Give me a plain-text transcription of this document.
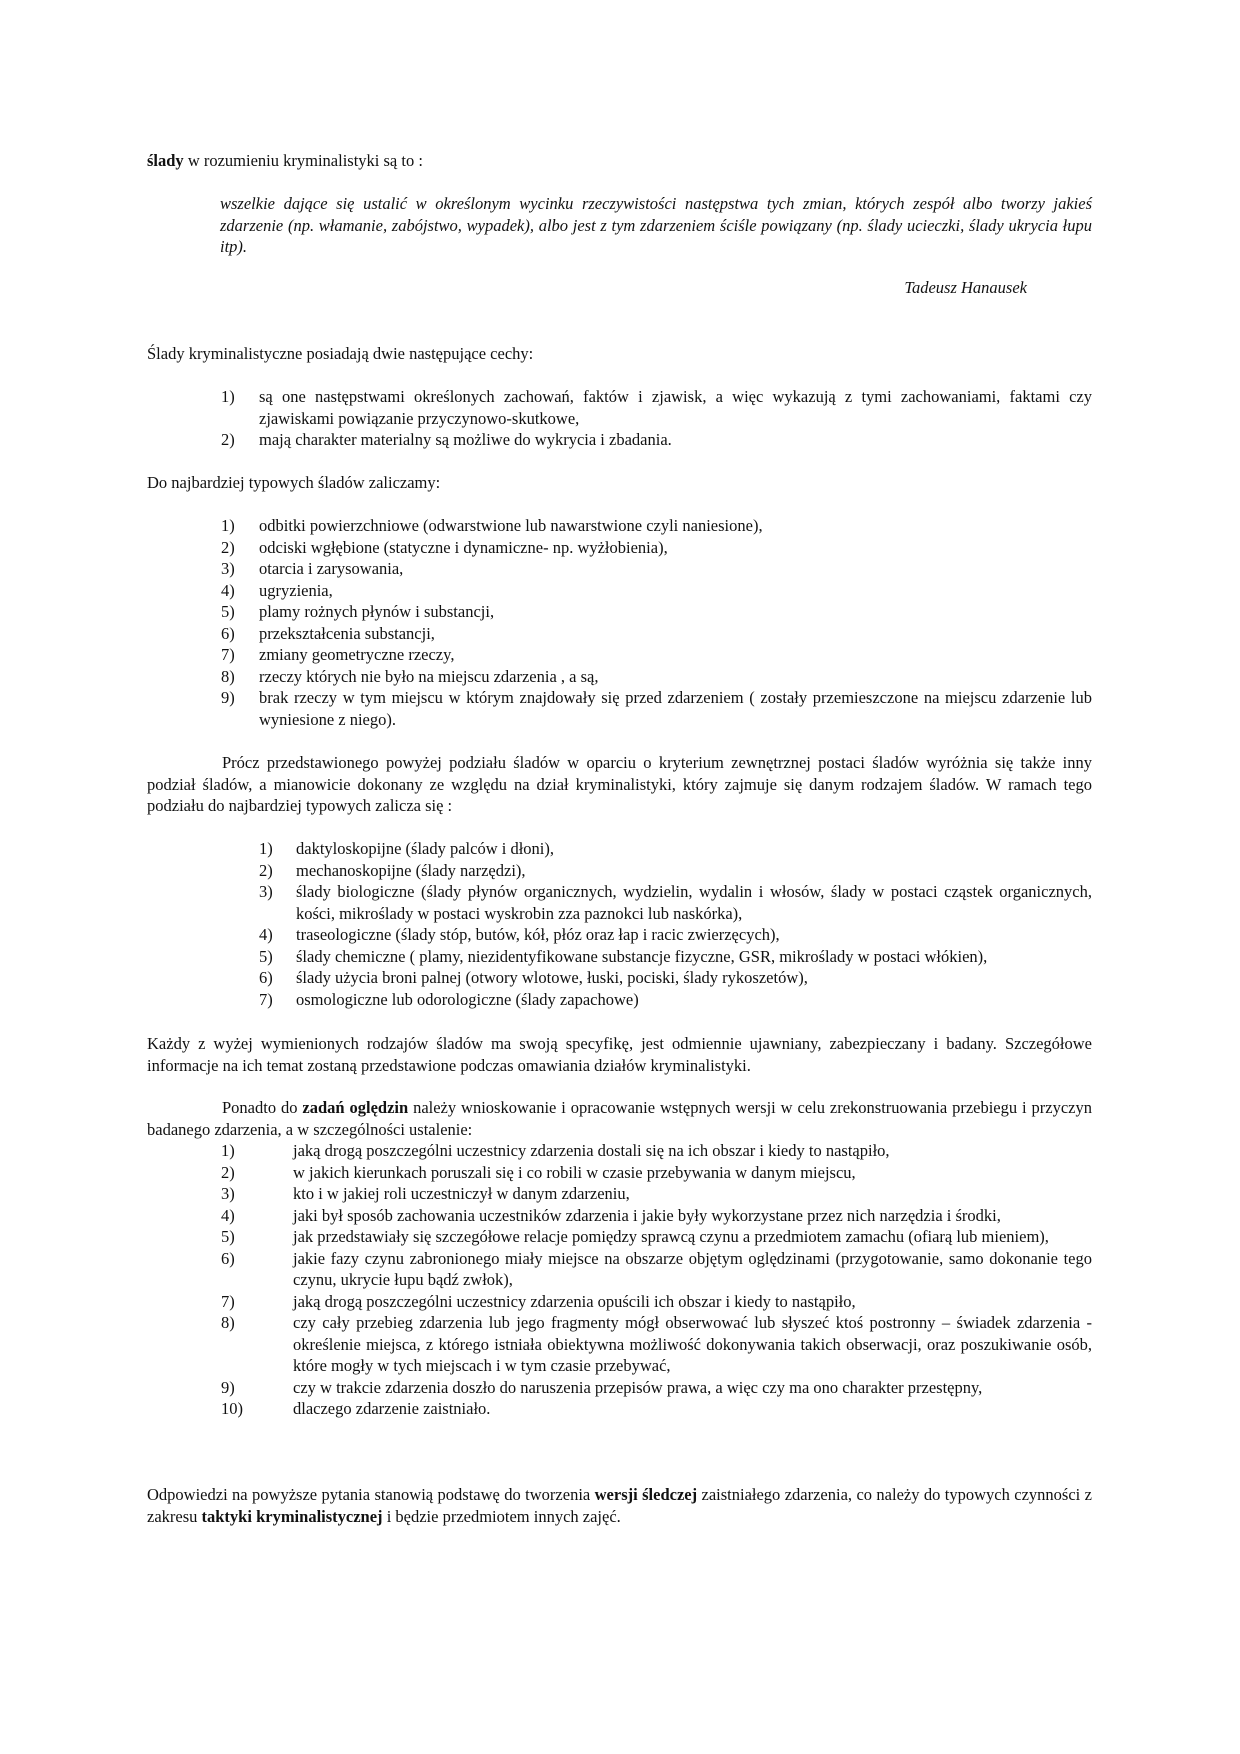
ślady w rozumieniu kryminalistyki są to :

wszelkie dające się ustalić w określonym wycinku rzeczywistości następstwa tych zmian, których zespół albo tworzy jakieś zdarzenie (np. włamanie, zabójstwo, wypadek), albo jest z tym zdarzeniem ściśle powiązany (np. ślady ucieczki, ślady ukrycia łupu itp).

Tadeusz Hanausek

Ślady kryminalistyczne posiadają dwie następujące cechy:

1)	są one następstwami określonych zachowań, faktów i zjawisk, a więc wykazują z tymi zachowaniami, faktami czy zjawiskami powiązanie przyczynowo-skutkowe,
2)	mają charakter materialny są możliwe do wykrycia i zbadania.

Do najbardziej typowych śladów zaliczamy:

1)	odbitki powierzchniowe (odwarstwione lub nawarstwione czyli naniesione),
2)	odciski wgłębione (statyczne i dynamiczne- np. wyżłobienia),
3)	otarcia i zarysowania,
4)	ugryzienia,
5)	plamy rożnych płynów i substancji,
6)	przekształcenia substancji,
7)	zmiany geometryczne rzeczy,
8)	rzeczy których nie było na miejscu zdarzenia , a są,
9)	brak rzeczy w tym miejscu w którym znajdowały się przed zdarzeniem ( zostały przemieszczone na miejscu zdarzenie lub wyniesione z niego).

Prócz przedstawionego powyżej podziału śladów w oparciu o kryterium zewnętrznej postaci śladów wyróżnia się także inny podział śladów, a mianowicie dokonany ze względu na dział kryminalistyki, który zajmuje się danym rodzajem śladów. W ramach tego podziału do najbardziej typowych zalicza się :

1)	daktyloskopijne (ślady palców i dłoni),
2)	mechanoskopijne (ślady narzędzi),
3)	ślady biologiczne (ślady płynów organicznych, wydzielin, wydalin i włosów, ślady w postaci cząstek organicznych, kości, mikroślady w postaci wyskrobin zza paznokci lub naskórka),
4)	traseologiczne (ślady stóp, butów, kół, płóz oraz łap i racic zwierzęcych),
5)	ślady chemiczne ( plamy, niezidentyfikowane substancje fizyczne, GSR, mikroślady w postaci włókien),
6)	ślady użycia broni palnej (otwory wlotowe, łuski, pociski, ślady rykoszetów),
7)	osmologiczne lub odorologiczne (ślady zapachowe)

Każdy z wyżej wymienionych rodzajów śladów ma swoją specyfikę, jest odmiennie ujawniany, zabezpieczany i badany. Szczegółowe informacje na ich temat zostaną przedstawione podczas omawiania działów kryminalistyki.

Ponadto do zadań oględzin należy wnioskowanie i opracowanie wstępnych wersji w celu zrekonstruowania przebiegu i przyczyn badanego zdarzenia, a w szczególności ustalenie:

1)	jaką drogą poszczególni uczestnicy zdarzenia dostali się na ich obszar i kiedy to nastąpiło,
2)	w jakich kierunkach poruszali się i co robili w czasie przebywania w danym miejscu,
3)	kto i w jakiej roli uczestniczył w danym zdarzeniu,
4)	jaki był sposób zachowania uczestników zdarzenia i jakie były wykorzystane przez nich narzędzia i środki,
5)	jak przedstawiały się szczegółowe relacje pomiędzy sprawcą czynu a przedmiotem zamachu (ofiarą lub mieniem),
6)	jakie fazy czynu zabronionego miały miejsce na obszarze objętym oględzinami (przygotowanie, samo dokonanie tego czynu, ukrycie łupu bądź zwłok),
7)	jaką drogą poszczególni uczestnicy zdarzenia opuścili ich obszar i kiedy to nastąpiło,
8)	czy cały przebieg zdarzenia lub jego fragmenty mógł obserwować lub słyszeć ktoś postronny – świadek zdarzenia - określenie miejsca, z którego istniała obiektywna możliwość dokonywania takich obserwacji, oraz poszukiwanie osób, które mogły w tych miejscach i w tym czasie przebywać,
9)	czy w trakcie zdarzenia doszło do naruszenia przepisów prawa, a więc czy ma ono charakter przestępny,
10)	dlaczego zdarzenie zaistniało.

Odpowiedzi na powyższe pytania stanowią podstawę do tworzenia wersji śledczej zaistniałego zdarzenia, co należy do typowych czynności z zakresu taktyki kryminalistycznej i będzie przedmiotem innych zajęć.
